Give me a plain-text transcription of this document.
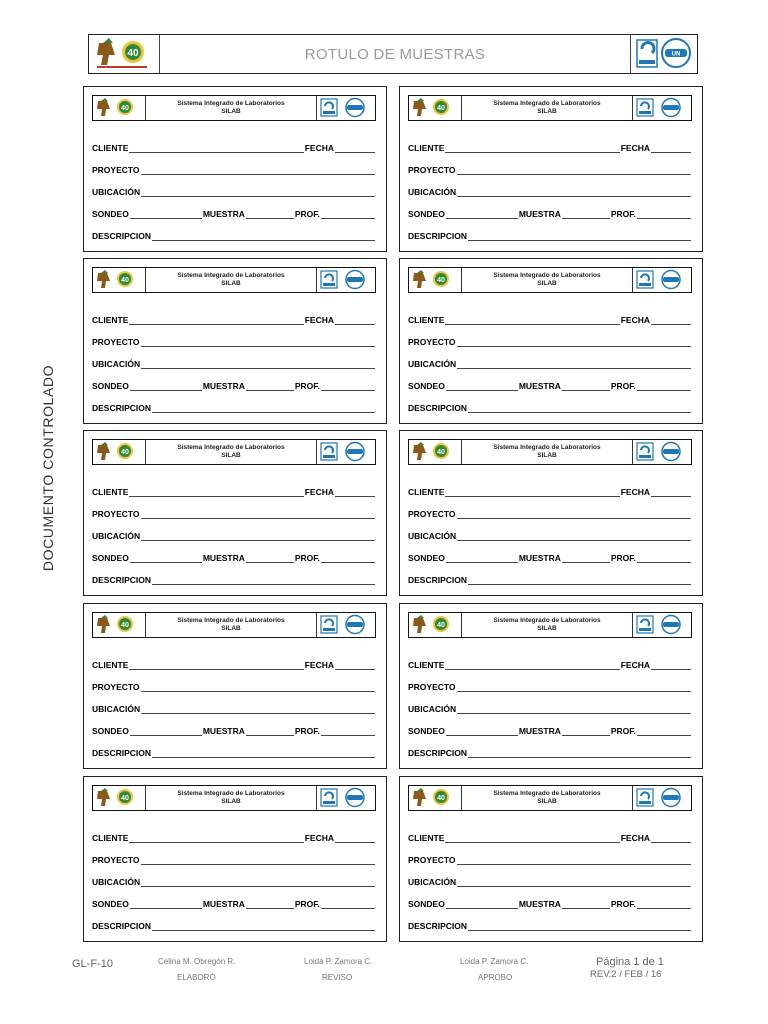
40	ROTULO DE MUESTRAS	UN
DOCUMENTO CONTROLADO
40
Sistema Integrado de Laboratorios
SILAB
CLIENTE	FECHA
PROYECTO
UBICACIÓN
SONDEO	MUESTRA	PROF.
DESCRIPCION
40
Sistema Integrado de Laboratorios
SILAB
CLIENTE	FECHA
PROYECTO
UBICACIÓN
SONDEO	MUESTRA	PROF.
DESCRIPCION
40
Sistema Integrado de Laboratorios
SILAB
CLIENTE	FECHA
PROYECTO
UBICACIÓN
SONDEO	MUESTRA	PROF.
DESCRIPCION
40
Sistema Integrado de Laboratorios
SILAB
CLIENTE	FECHA
PROYECTO
UBICACIÓN
SONDEO	MUESTRA	PROF.
DESCRIPCION
40
Sistema Integrado de Laboratorios
SILAB
CLIENTE	FECHA
PROYECTO
UBICACIÓN
SONDEO	MUESTRA	PROF.
DESCRIPCION
40
Sistema Integrado de Laboratorios
SILAB
CLIENTE	FECHA
PROYECTO
UBICACIÓN
SONDEO	MUESTRA	PROF.
DESCRIPCION
40
Sistema Integrado de Laboratorios
SILAB
CLIENTE	FECHA
PROYECTO
UBICACIÓN
SONDEO	MUESTRA	PROF.
DESCRIPCION
40
Sistema Integrado de Laboratorios
SILAB
CLIENTE	FECHA
PROYECTO
UBICACIÓN
SONDEO	MUESTRA	PROF.
DESCRIPCION
40
Sistema Integrado de Laboratorios
SILAB
CLIENTE	FECHA
PROYECTO
UBICACIÓN
SONDEO	MUESTRA	PROF.
DESCRIPCION
40
Sistema Integrado de Laboratorios
SILAB
CLIENTE	FECHA
PROYECTO
UBICACIÓN
SONDEO	MUESTRA	PROF.
DESCRIPCION
GL-F-10	Celina M. Obregón R.
ELABORÓ
Loida P. Zamora C.
REVISO
Loida P. Zamora C.
APROBO
Página 1 de 1
REV.2 / FEB / 16
